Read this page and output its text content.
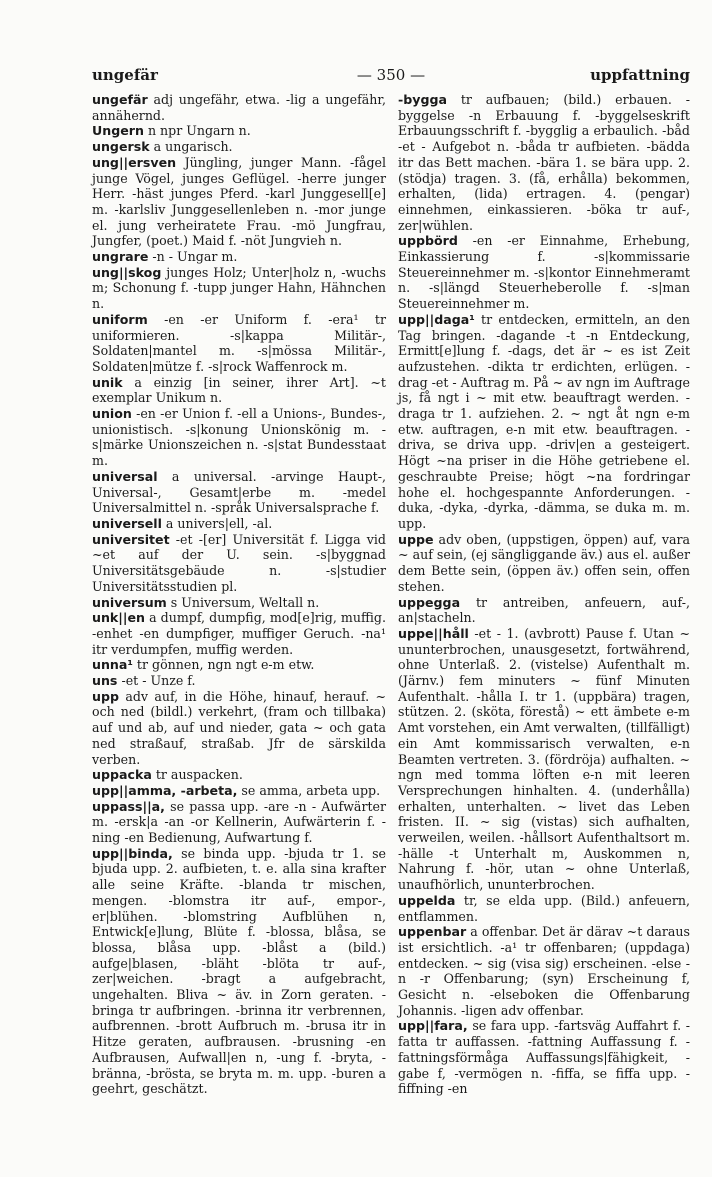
ungefär	— 350 —	uppfattning

ungefär adj ungefähr, etwa. -lig a ungefähr, annähernd.

Ungern n npr Ungarn n.

ungersk a ungarisch.

ung||ersven Jüngling, junger Mann. -fågel junge Vögel, junges Geflügel. -herre junger Herr. -häst junges Pferd. -karl Junggesell[e] m. -karlsliv Junggesellenleben n. -mor junge el. jung verheiratete Frau. -mö Jungfrau, Jungfer, (poet.) Maid f. -nöt Jungvieh n.

ungrare -n - Ungar m.

ung||skog junges Holz; Unter|holz n, -wuchs m; Schonung f. -tupp junger Hahn, Hähnchen n.

uniform -en -er Uniform f. -era¹ tr uniformieren. -s|kappa Militär-, Soldaten|mantel m. -s|mössa Militär-, Soldaten|mütze f. -s|rock Waffenrock m.

unik a einzig [in seiner, ihrer Art]. ~t exemplar Unikum n.

union -en -er Union f. -ell a Unions-, Bundes-, unionistisch. -s|konung Unionskönig m. -s|märke Unionszeichen n. -s|stat Bundesstaat m.

universal a universal. -arvinge Haupt-, Universal-, Gesamt|erbe m. -medel Universalmittel n. -språk Universalsprache f.

universell a univers|ell, -al.

universitet -et -[er] Universität f. Ligga vid ~et auf der U. sein. -s|byggnad Universitätsgebäude n. -s|studier Universitätsstudien pl.

universum s Universum, Weltall n.

unk||en a dumpf, dumpfig, mod[e]rig, muffig. -enhet -en dumpfiger, muffiger Geruch. -na¹ itr verdumpfen, muffig werden.

unna¹ tr gönnen, ngn ngt e-m etw.

uns -et - Unze f.

upp adv auf, in die Höhe, hinauf, herauf. ~ och ned (bildl.) verkehrt, (fram och tillbaka) auf und ab, auf und nieder, gata ~ och gata ned straßauf, straßab. Jfr de särskilda verben.

uppacka tr auspacken.

upp||amma, -arbeta, se amma, arbeta upp.

uppass||a, se passa upp. -are -n - Aufwärter m. -ersk|a -an -or Kellnerin, Aufwärterin f. -ning -en Bedienung, Aufwartung f.

upp||binda, se binda upp. -bjuda tr 1. se bjuda upp. 2. aufbieten, t. e. alla sina krafter alle seine Kräfte. -blanda tr mischen, mengen. -blomstra itr auf-, empor-, er|blühen. -blomstring Aufblühen n, Entwick[e]lung, Blüte f. -blossa, blåsa, se blossa, blåsa upp. -blåst a (bild.) aufge|blasen, -bläht -blöta tr auf-, zer|weichen. -bragt a aufgebracht, ungehalten. Bliva ~ äv. in Zorn geraten. -bringa tr aufbringen. -brinna itr verbrennen, aufbrennen. -brott Aufbruch m. -brusa itr in Hitze geraten, aufbrausen. -brusning -en Aufbrausen, Aufwall|en n, -ung f. -bryta, -bränna, -brösta, se bryta m. m. upp. -buren a geehrt, geschätzt.

-bygga tr aufbauen; (bild.) erbauen. -byggelse -n Erbauung f. -byggelseskrift Erbauungsschrift f. -bygglig a erbaulich. -båd -et - Aufgebot n. -båda tr aufbieten. -bädda itr das Bett machen. -bära 1. se bära upp. 2. (stödja) tragen. 3. (få, erhålla) bekommen, erhalten, (lida) ertragen. 4. (pengar) einnehmen, einkassieren. -böka tr auf-, zer|wühlen.

uppbörd -en -er Einnahme, Erhebung, Einkassierung f. -s|kommissarie Steuereinnehmer m. -s|kontor Einnehmeramt n. -s|längd Steuerheberolle f. -s|man Steuereinnehmer m.

upp||daga¹ tr entdecken, ermitteln, an den Tag bringen. -dagande -t -n Entdeckung, Ermitt[e]lung f. -dags, det är ~ es ist Zeit aufzustehen. -dikta tr erdichten, erlügen. -drag -et - Auftrag m. På ~ av ngn im Auftrage js, få ngt i ~ mit etw. beauftragt werden. -draga tr 1. aufziehen. 2. ~ ngt åt ngn e-m etw. auftragen, e-n mit etw. beauftragen. -driva, se driva upp. -driv|en a gesteigert. Högt ~na priser in die Höhe getriebene el. geschraubte Preise; högt ~na fordringar hohe el. hochgespannte Anforderungen. -duka, -dyka, -dyrka, -dämma, se duka m. m. upp.

uppe adv oben, (uppstigen, öppen) auf, vara ~ auf sein, (ej sängliggande äv.) aus el. außer dem Bette sein, (öppen äv.) offen sein, offen stehen.

uppegga tr antreiben, anfeuern, auf-, an|stacheln.

uppe||håll -et - 1. (avbrott) Pause f. Utan ~ ununterbrochen, unausgesetzt, fortwährend, ohne Unterlaß. 2. (vistelse) Aufenthalt m. (Järnv.) fem minuters ~ fünf Minuten Aufenthalt. -hålla I. tr 1. (uppbära) tragen, stützen. 2. (sköta, förestå) ~ ett ämbete e-m Amt vorstehen, ein Amt verwalten, (tillfälligt) ein Amt kommissarisch verwalten, e-n Beamten vertreten. 3. (fördröja) aufhalten. ~ ngn med tomma löften e-n mit leeren Versprechungen hinhalten. 4. (underhålla) erhalten, unterhalten. ~ livet das Leben fristen. II. ~ sig (vistas) sich aufhalten, verweilen, weilen. -hållsort Aufenthaltsort m. -hälle -t Unterhalt m, Auskommen n, Nahrung f. -hör, utan ~ ohne Unterlaß, unaufhörlich, ununterbrochen.

uppelda tr, se elda upp. (Bild.) anfeuern, entflammen.

uppenbar a offenbar. Det är därav ~t daraus ist ersichtlich. -a¹ tr offenbaren; (uppdaga) entdecken. ~ sig (visa sig) erscheinen. -else -n -r Offenbarung; (syn) Erscheinung f, Gesicht n. -elseboken die Offenbarung Johannis. -ligen adv offenbar.

upp||fara, se fara upp. -fartsväg Auffahrt f. -fatta tr auffassen. -fattning Auffassung f. -fattningsförmåga Auffassungs|fähigkeit, -gabe f, -vermögen n. -fiffa, se fiffa upp. -fiffning -en
